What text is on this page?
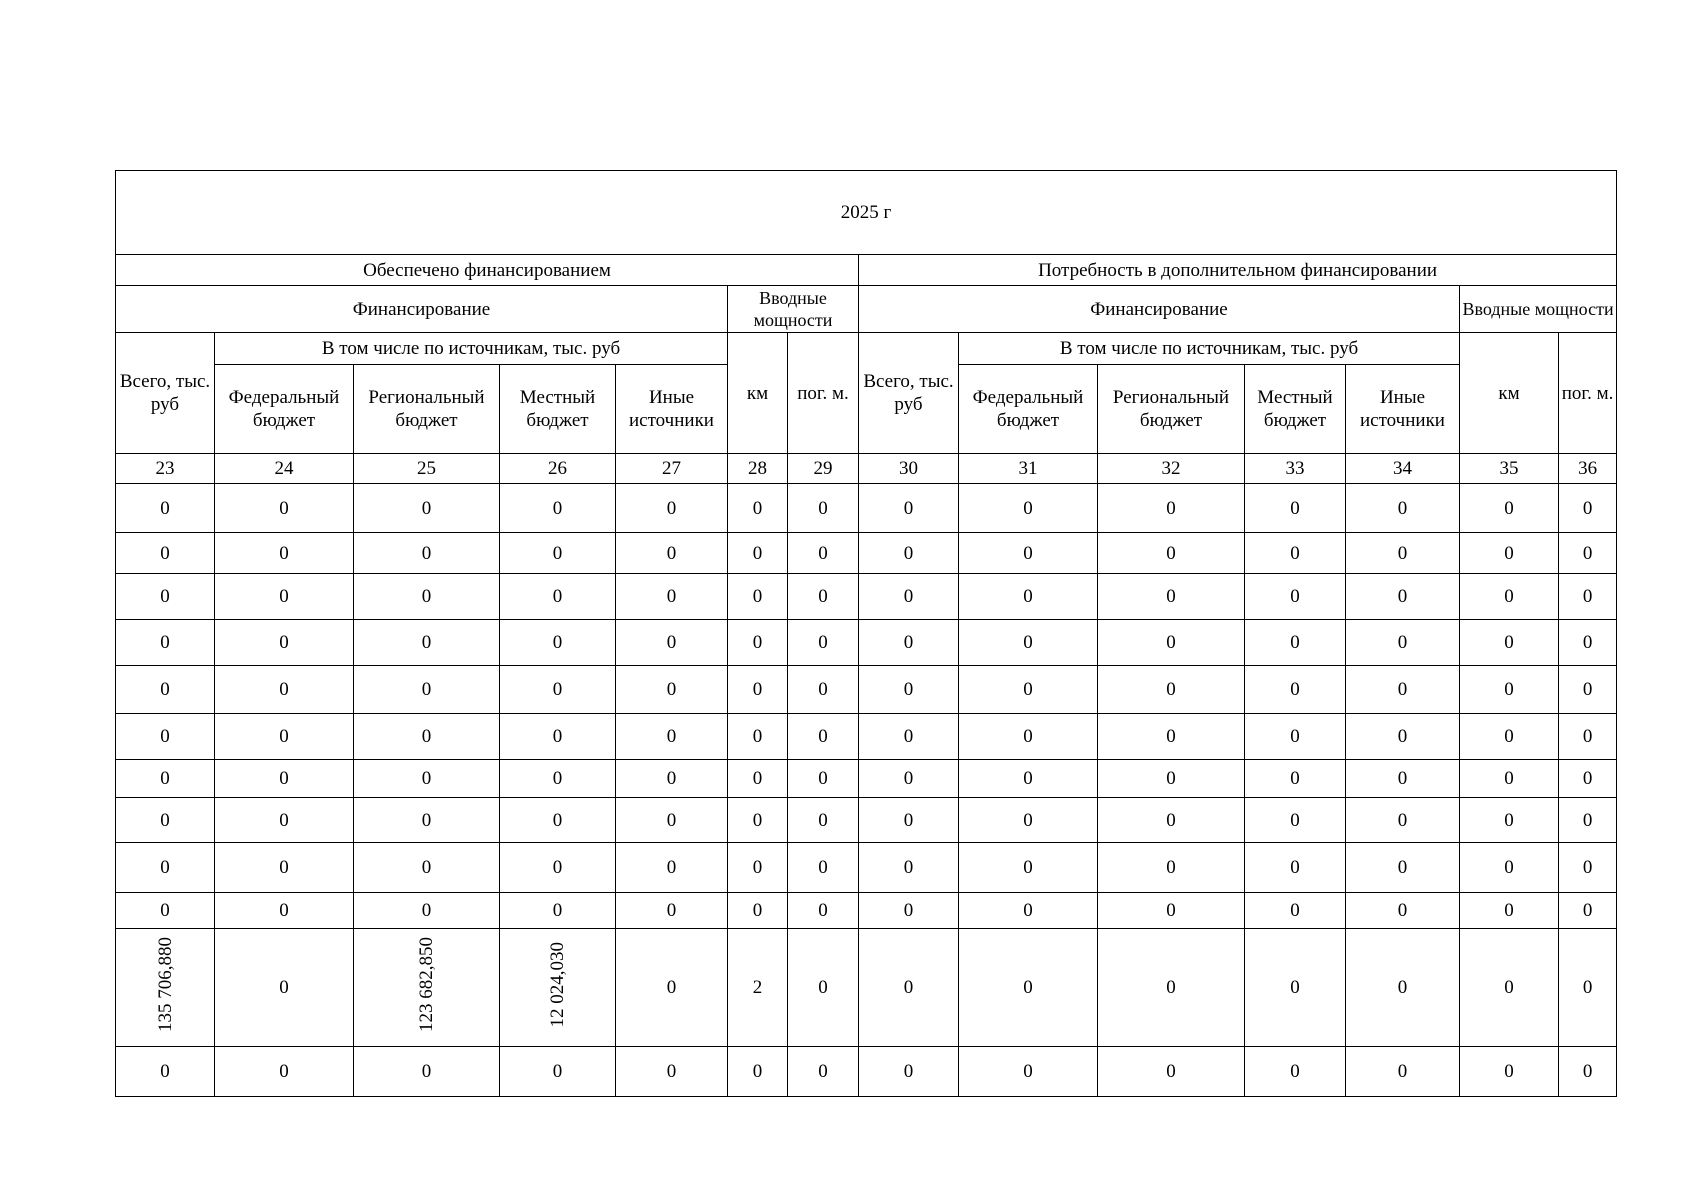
2025 г													
Обеспечено финансированием							Потребность в дополнительном финансировании						
Финансирование					Вводные мощности		Финансирование					Вводные мощности	
Всего, тыс. руб	В том числе по источникам, тыс. руб				км	пог. м.	Всего, тыс. руб	В том числе по источникам, тыс. руб				км	пог. м.
	Федеральный бюджет	Региональный бюджет	Местный бюджет	Иные источники				Федеральный бюджет	Региональный бюджет	Местный бюджет	Иные источники		
23	24	25	26	27	28	29	30	31	32	33	34	35	36
0	0	0	0	0	0	0	0	0	0	0	0	0	0
0	0	0	0	0	0	0	0	0	0	0	0	0	0
0	0	0	0	0	0	0	0	0	0	0	0	0	0
0	0	0	0	0	0	0	0	0	0	0	0	0	0
0	0	0	0	0	0	0	0	0	0	0	0	0	0
0	0	0	0	0	0	0	0	0	0	0	0	0	0
0	0	0	0	0	0	0	0	0	0	0	0	0	0
0	0	0	0	0	0	0	0	0	0	0	0	0	0
0	0	0	0	0	0	0	0	0	0	0	0	0	0
0	0	0	0	0	0	0	0	0	0	0	0	0	0
135 706,880	0	123 682,850	12 024,030	0	2	0	0	0	0	0	0	0	0
0	0	0	0	0	0	0	0	0	0	0	0	0	0
